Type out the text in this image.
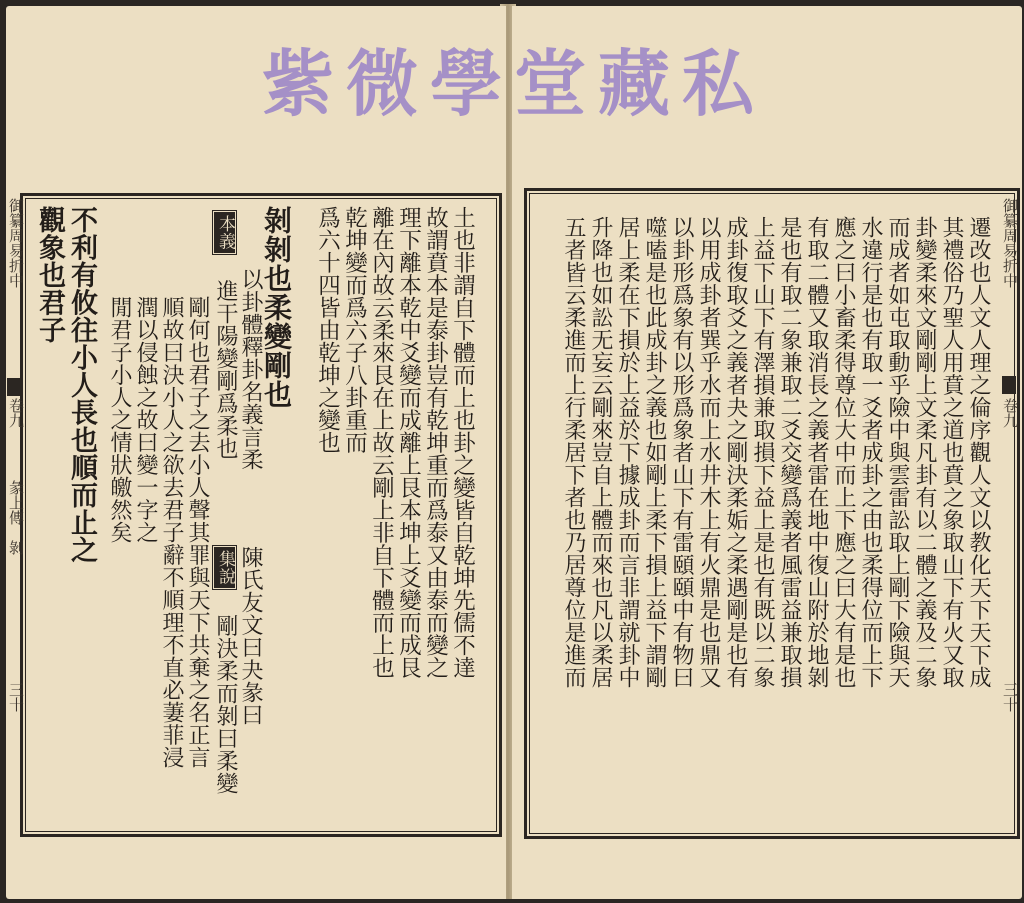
御纂周易折中
卷九
彖上傳　剝
三十
土也非謂自下體而上也卦之變皆自乾坤先儒不達
故謂賁本是泰卦豈有乾坤重而爲泰又由泰而變之
理下離本乾中爻變而成離上艮本坤上爻變而成艮
離在內故云柔來艮在上故云剛上非自下體而上也
乾坤變而爲六子八卦重而
爲六十四皆由乾坤之變也
剝剝也柔變剛也
本義 進干陽變剛爲柔也 以卦體釋卦名義言柔
陳氏友文曰夬彖曰
集說 剛決柔而剝曰柔變
剛何也君子之去小人聲其罪與天下共棄之名正言
順故曰決小人之欲去君子辭不順理不直必萋菲浸
潤以侵蝕之故曰變一字之
閒君子小人之情狀皦然矣
不利有攸往小人長也順而止之
觀象也君子	御纂周易折中
卷九
三十
遷改也人文人理之倫序觀人文以教化天下天下成
其禮俗乃聖人用賁之道也賁之象取山下有火又取
卦變柔來文剛剛上文柔凡卦有以二體之義及二象
而成者如屯取動乎險中與雲雷訟取上剛下險與天
水違行是也有取一爻者成卦之由也柔得位而上下
應之曰小畜柔得尊位大中而上下應之曰大有是也
有取二體又取消長之義者雷在地中復山附於地剝
是也有取二象兼取二爻交變爲義者風雷益兼取損
上益下山下有澤損兼取損下益上是也有既以二象
成卦復取爻之義者夬之剛決柔姤之柔遇剛是也有
以用成卦者巽乎水而上水井木上有火鼎是也鼎又
以卦形爲象有以形爲象者山下有雷頤頤中有物曰
噬嗑是也此成卦之義也如剛上柔下損上益下謂剛
居上柔在下損於上益於下據成卦而言非謂就卦中
升降也如訟无妄云剛來豈自上體而來也凡以柔居
五者皆云柔進而上行柔居下者也乃居尊位是進而
紫微學堂藏私
